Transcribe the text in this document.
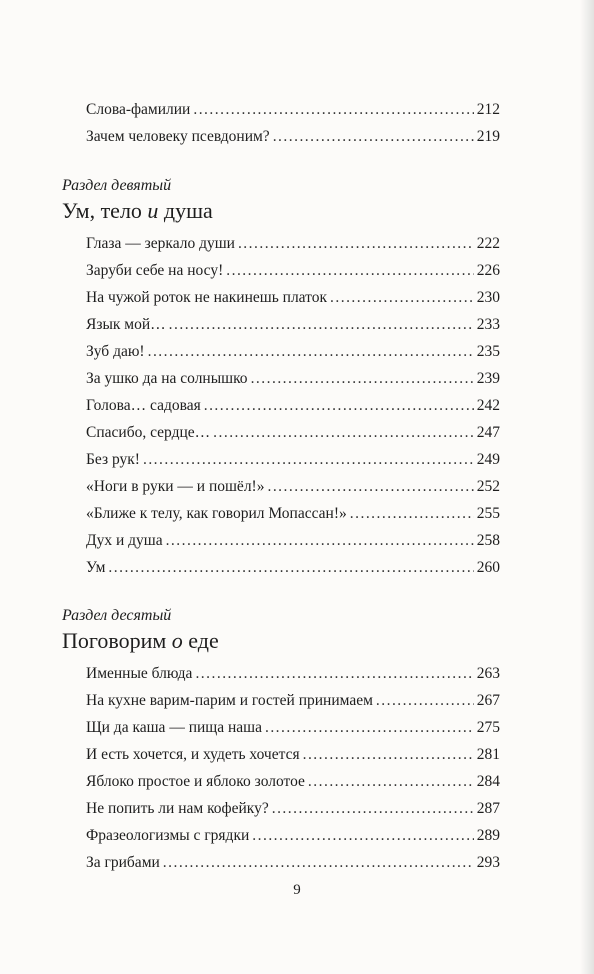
Слова-фамилии . . .	212
Зачем человеку псевдоним? . . .	219
Раздел девятый
Ум, тело и душа
Глаза — зеркало души . . .	222
Заруби себе на носу! . . .	226
На чужой роток не накинешь платок . . .	230
Язык мой… . . .	233
Зуб даю! . . .	235
За ушко да на солнышко . . .	239
Голова… садовая . . .	242
Спасибо, сердце… . . .	247
Без рук! . . .	249
«Ноги в руки — и пошёл!» . . .	252
«Ближе к телу, как говорил Мопассан!» . . .	255
Дух и душа . . .	258
Ум . . .	260
Раздел десятый
Поговорим о еде
Именные блюда . . .	263
На кухне варим-парим и гостей принимаем . . .	267
Щи да каша — пища наша . . .	275
И есть хочется, и худеть хочется . . .	281
Яблоко простое и яблоко золотое . . .	284
Не попить ли нам кофейку? . . .	287
Фразеологизмы с грядки . . .	289
За грибами . . .	293
9
